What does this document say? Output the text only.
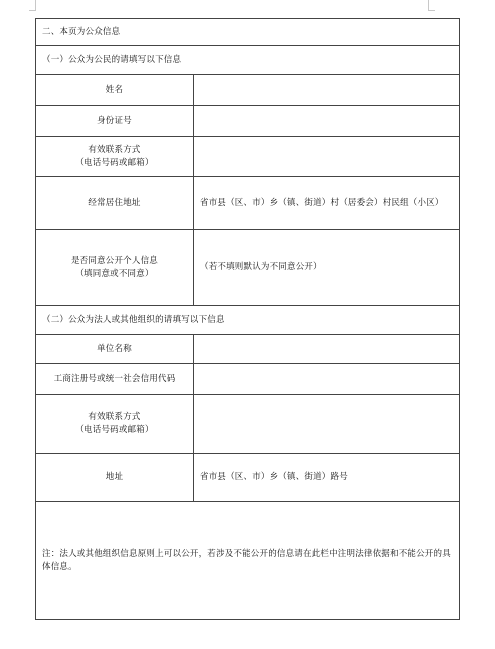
二、本页为公众信息	
（一）公众为公民的请填写以下信息	
姓名	
身份证号	

有效联系方式
（电话号码或邮箱）	

经常居住地址	省市县（区、市）乡（镇、街道）村（居委会）村民组（小区）

是否同意公开个人信息
（填同意或不同意）	（若不填则默认为不同意公开）
（二）公众为法人或其他组织的请填写以下信息	
单位名称	
工商注册号或统一社会信用代码	

有效联系方式
（电话号码或邮箱）	

地址	省市县（区、市）乡（镇、街道）路号
注：法人或其他组织信息原则上可以公开，若涉及不能公开的信息请在此栏中注明法律依据和不能公开的具体信息。	
